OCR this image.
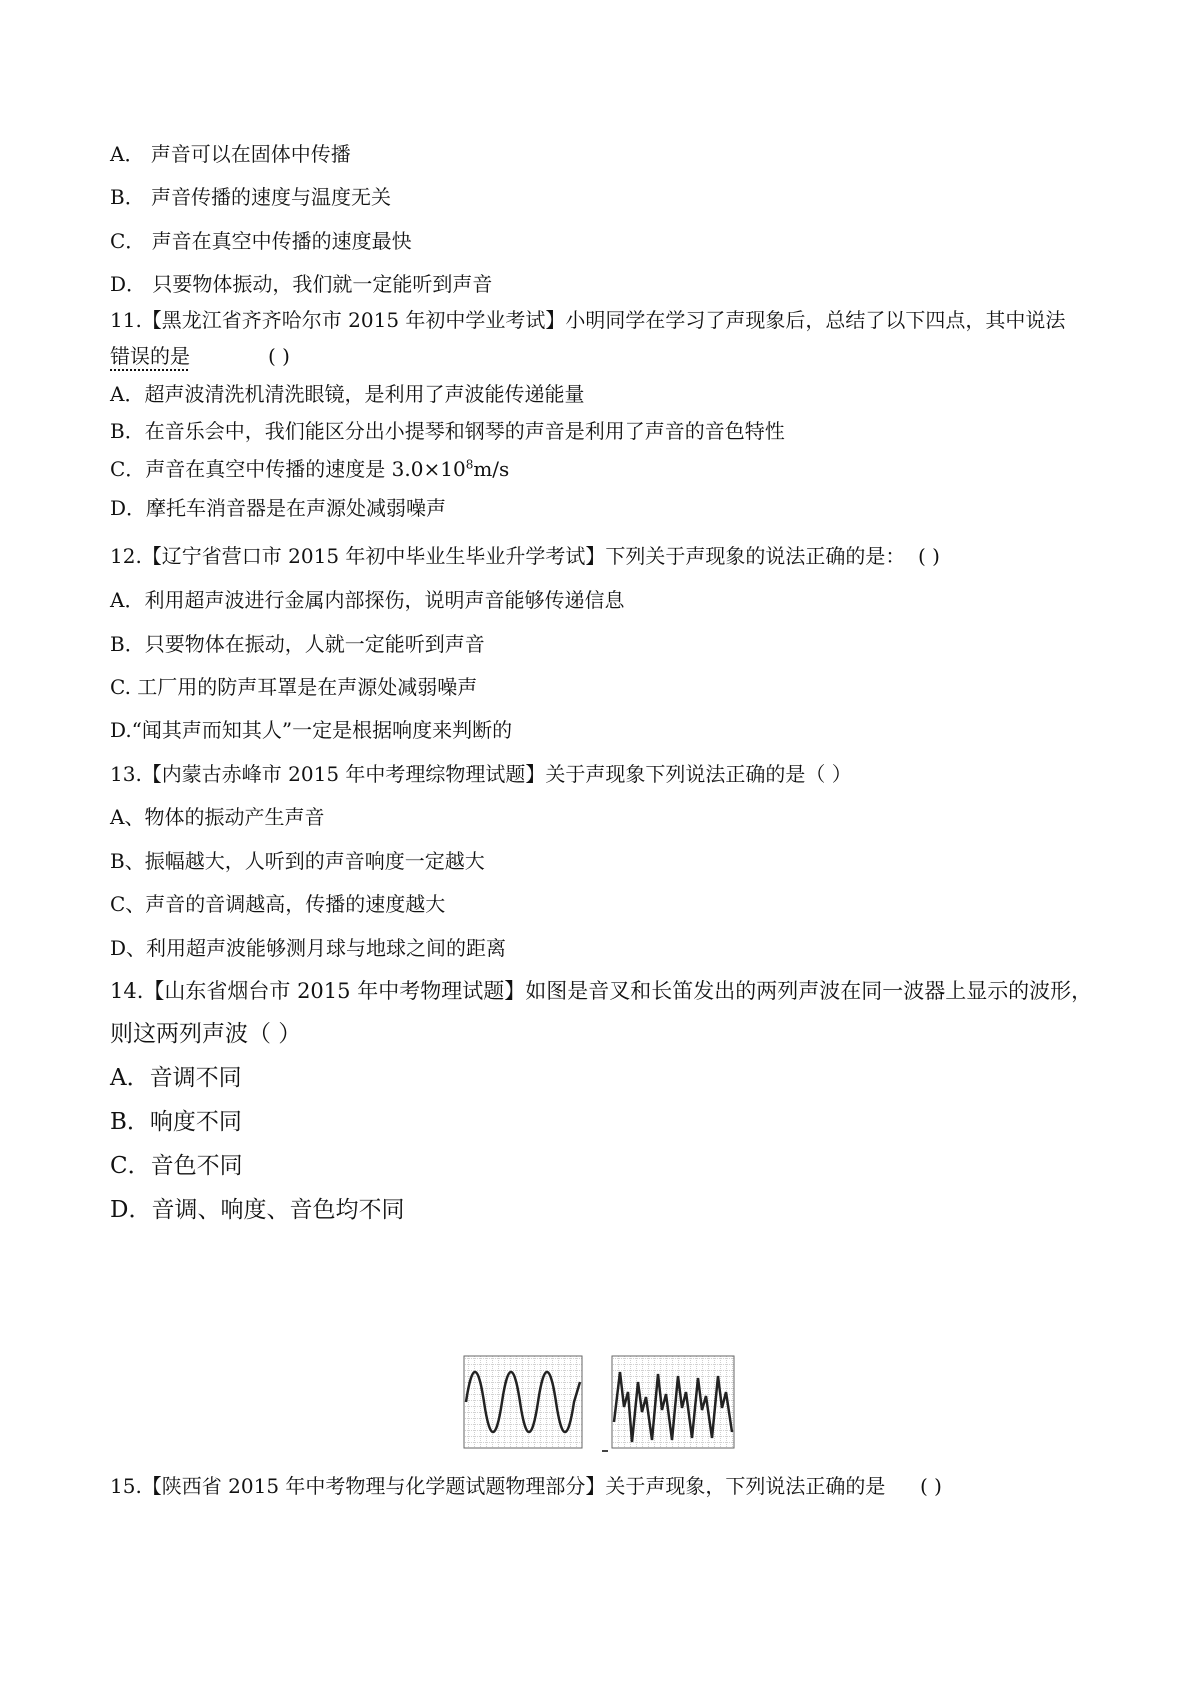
A． 声音可以在固体中传播
B． 声音传播的速度与温度无关
C． 声音在真空中传播的速度最快
D． 只要物体振动，我们就一定能听到声音
11.【黑龙江省齐齐哈尔市 2015 年初中学业考试】小明同学在学习了声现象后，总结了以下四点，其中说法
错误的是	( )
A．超声波清洗机清洗眼镜，是利用了声波能传递能量
B．在音乐会中，我们能区分出小提琴和钢琴的声音是利用了声音的音色特性
C．声音在真空中传播的速度是 $3.0\times 10^8m/s$
D．摩托车消音器是在声源处减弱噪声
12.【辽宁省营口市 2015 年初中毕业生毕业升学考试】下列关于声现象的说法正确的是： ( )
A．利用超声波进行金属内部探伤，说明声音能够传递信息
B．只要物体在振动，人就一定能听到声音
C. 工厂用的防声耳罩是在声源处减弱噪声
D.“闻其声而知其人”一定是根据响度来判断的
13.【内蒙古赤峰市 2015 年中考理综物理试题】关于声现象下列说法正确的是（ ）
A、物体的振动产生声音
B、振幅越大，人听到的声音响度一定越大
C、声音的音调越高，传播的速度越大
D、利用超声波能够测月球与地球之间的距离
14.【山东省烟台市 2015 年中考物理试题】如图是音叉和长笛发出的两列声波在同一波器上显示的波形，
则这两列声波（ ）
A．音调不同
B．响度不同
C．音色不同
D．音调、响度、音色均不同
15.【陕西省 2015 年中考物理与化学题试题物理部分】关于声现象，下列说法正确的是 ( )
